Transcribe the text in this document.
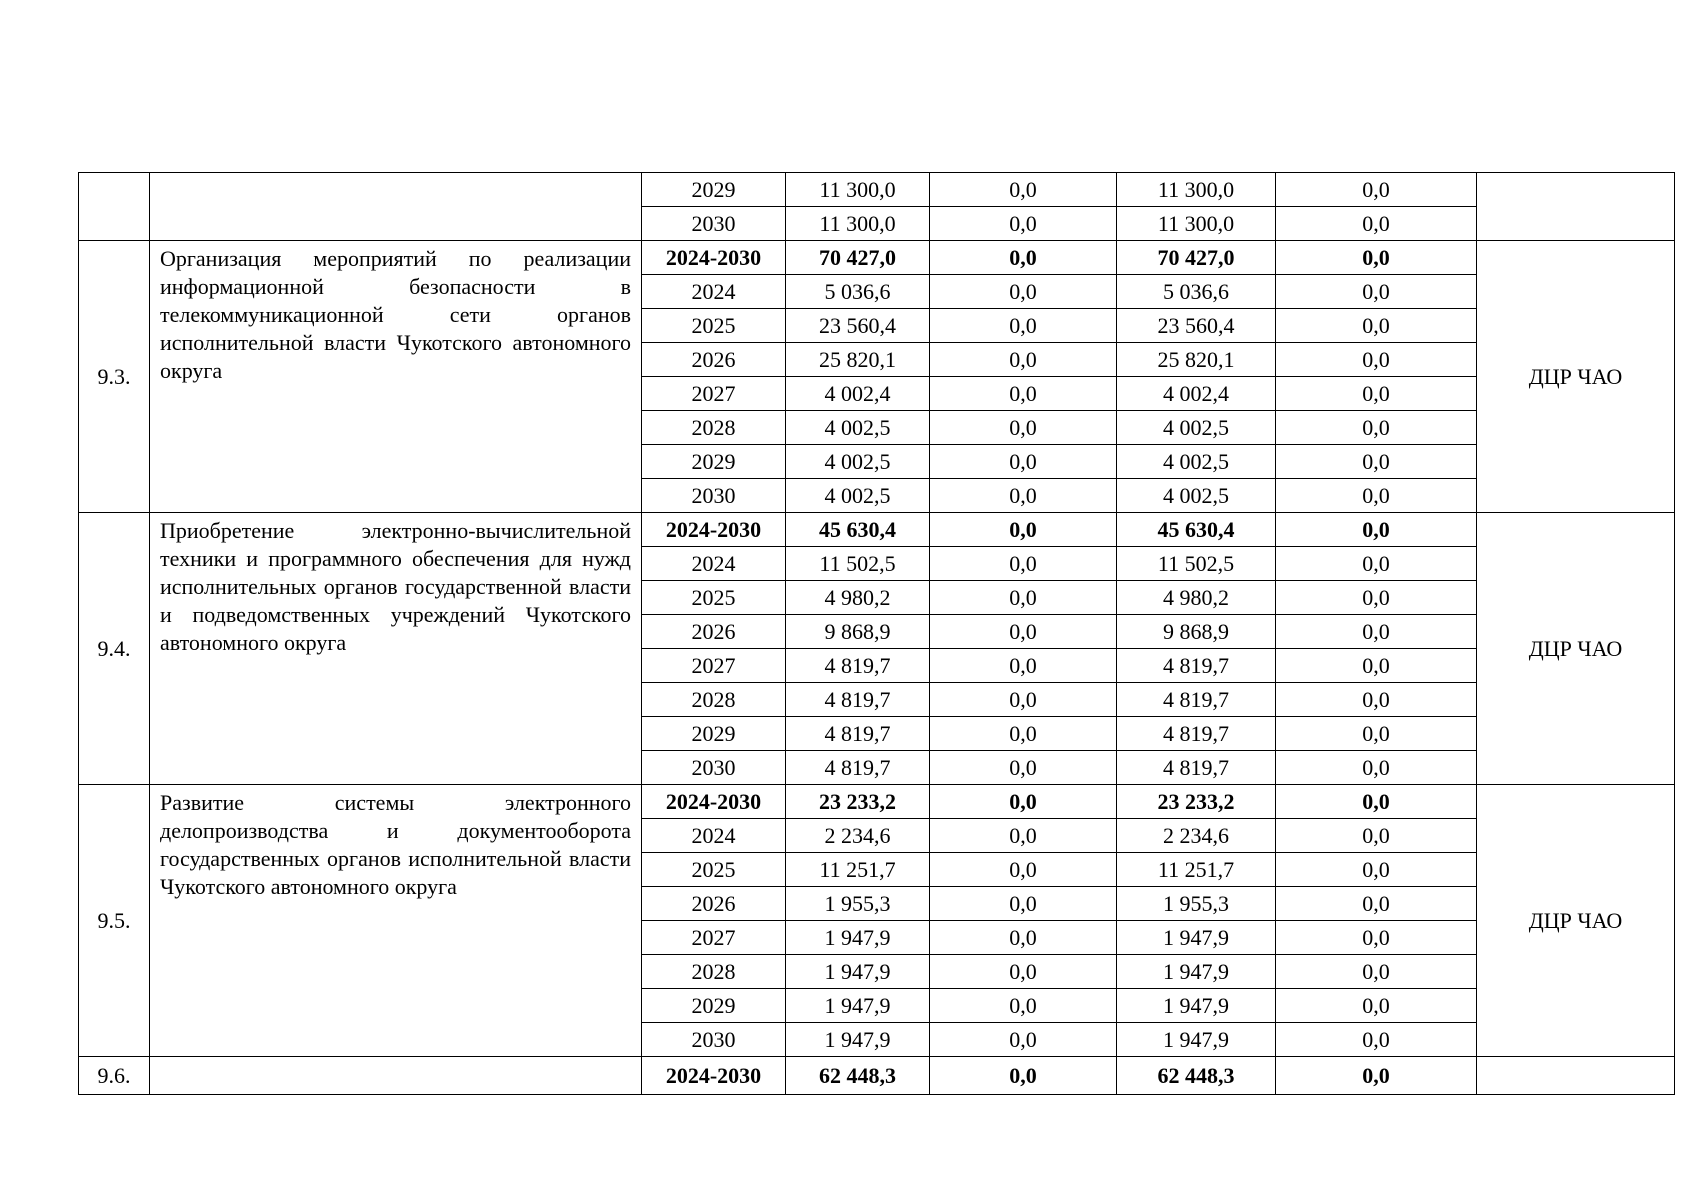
		2029	11 300,0	0,0	11 300,0	0,0	
		2030	11 300,0	0,0	11 300,0	0,0	
9.3.	Организация мероприятий по реализации информационной безопасности в телекоммуникационной сети органов исполнительной власти Чукотского автономного округа	2024-2030	70 427,0	0,0	70 427,0	0,0	ДЦР ЧАО
		2024	5 036,6	0,0	5 036,6	0,0	
		2025	23 560,4	0,0	23 560,4	0,0	
		2026	25 820,1	0,0	25 820,1	0,0	
		2027	4 002,4	0,0	4 002,4	0,0	
		2028	4 002,5	0,0	4 002,5	0,0	
		2029	4 002,5	0,0	4 002,5	0,0	
		2030	4 002,5	0,0	4 002,5	0,0	
9.4.	Приобретение электронно-вычислительной техники и программного обеспечения для нужд исполнительных органов государственной власти и подведомственных учреждений Чукотского автономного округа	2024-2030	45 630,4	0,0	45 630,4	0,0	ДЦР ЧАО
		2024	11 502,5	0,0	11 502,5	0,0	
		2025	4 980,2	0,0	4 980,2	0,0	
		2026	9 868,9	0,0	9 868,9	0,0	
		2027	4 819,7	0,0	4 819,7	0,0	
		2028	4 819,7	0,0	4 819,7	0,0	
		2029	4 819,7	0,0	4 819,7	0,0	
		2030	4 819,7	0,0	4 819,7	0,0	
9.5.	Развитие системы электронного делопроизводства и документооборота государственных органов исполнительной власти Чукотского автономного округа	2024-2030	23 233,2	0,0	23 233,2	0,0	ДЦР ЧАО
		2024	2 234,6	0,0	2 234,6	0,0	
		2025	11 251,7	0,0	11 251,7	0,0	
		2026	1 955,3	0,0	1 955,3	0,0	
		2027	1 947,9	0,0	1 947,9	0,0	
		2028	1 947,9	0,0	1 947,9	0,0	
		2029	1 947,9	0,0	1 947,9	0,0	
		2030	1 947,9	0,0	1 947,9	0,0	
9.6.		2024-2030	62 448,3	0,0	62 448,3	0,0	
